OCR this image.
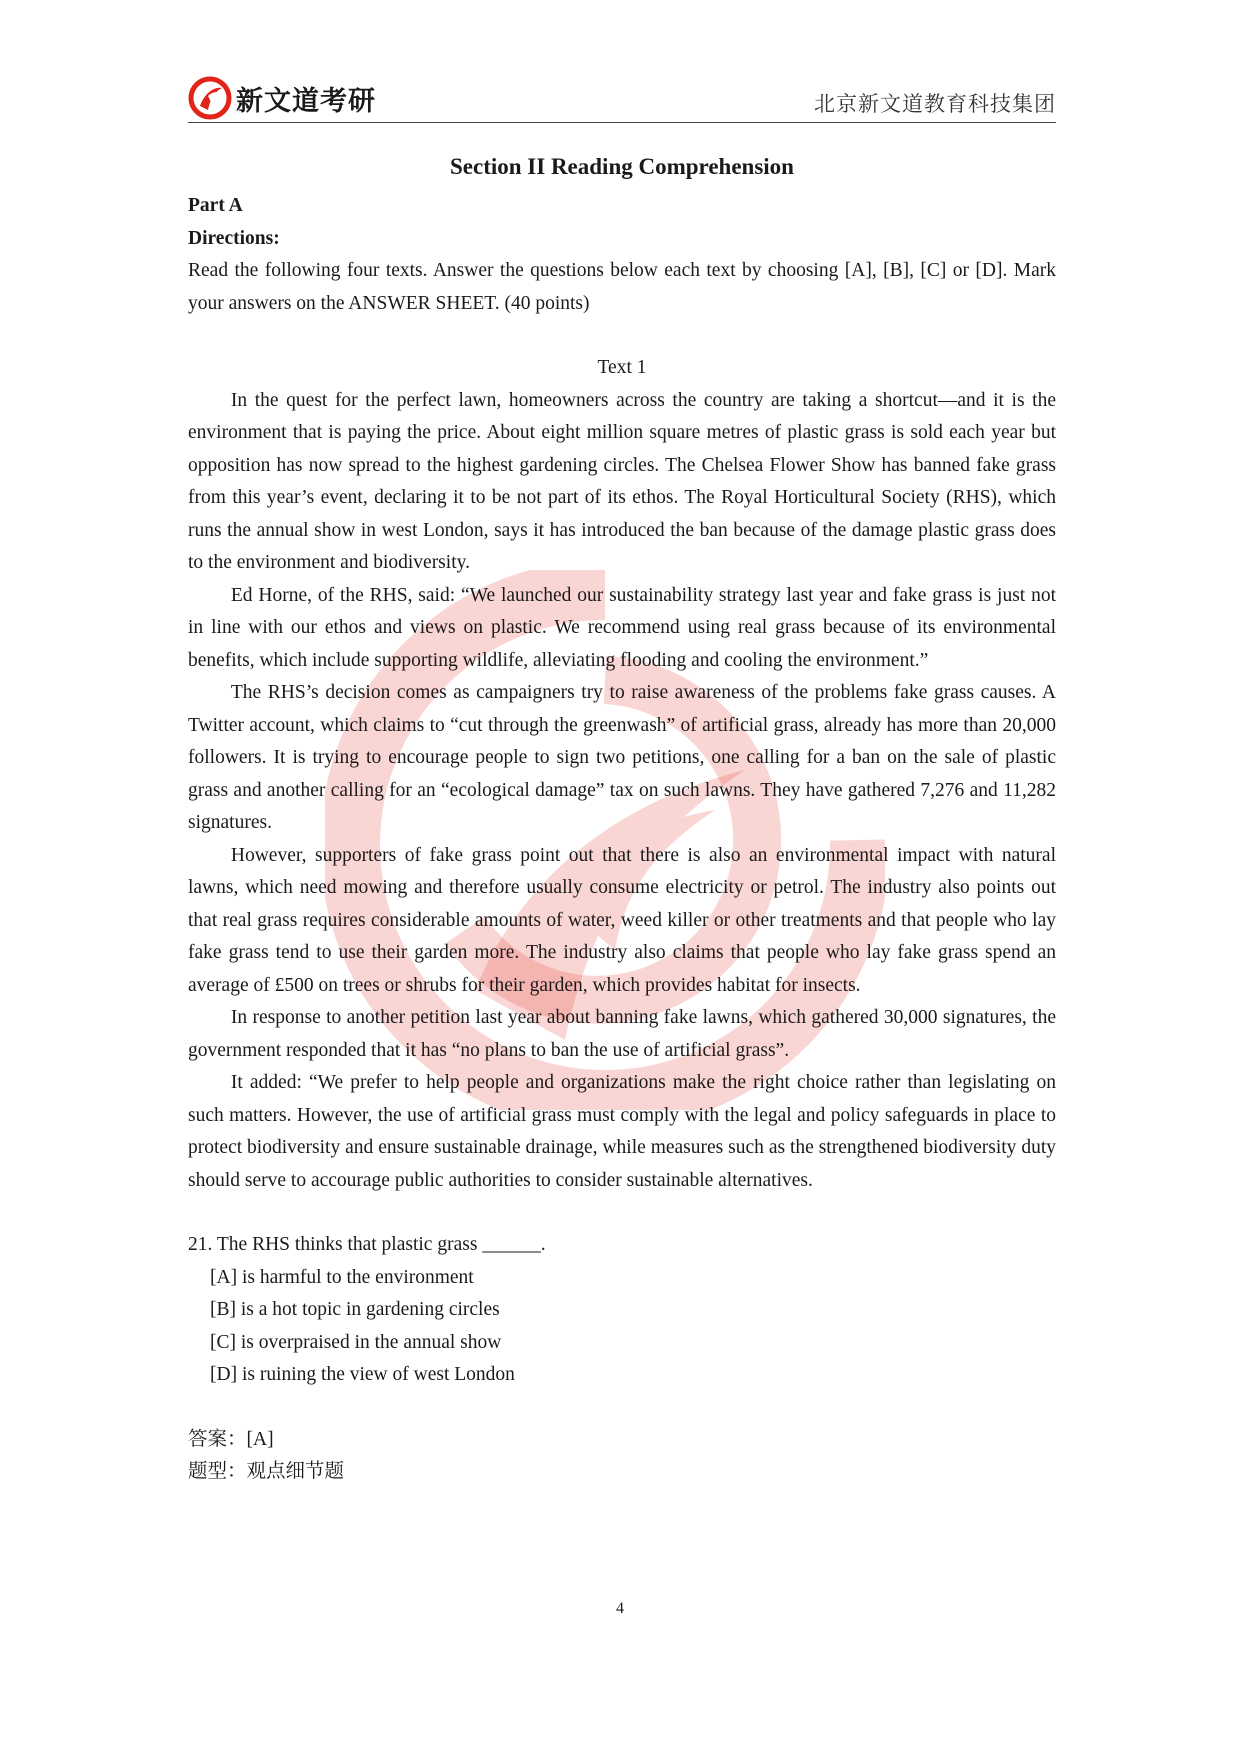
新文道考研	北京新文道教育科技集团

Section II Reading Comprehension

Part A

Directions:

Read the following four texts. Answer the questions below each text by choosing [A], [B], [C] or [D]. Mark your answers on the ANSWER SHEET. (40 points)

Text 1

In the quest for the perfect lawn, homeowners across the country are taking a shortcut—and it is the environment that is paying the price. About eight million square metres of plastic grass is sold each year but opposition has now spread to the highest gardening circles. The Chelsea Flower Show has banned fake grass from this year’s event, declaring it to be not part of its ethos. The Royal Horticultural Society (RHS), which runs the annual show in west London, says it has introduced the ban because of the damage plastic grass does to the environment and biodiversity.

Ed Horne, of the RHS, said: “We launched our sustainability strategy last year and fake grass is just not in line with our ethos and views on plastic. We recommend using real grass because of its environmental benefits, which include supporting wildlife, alleviating flooding and cooling the environment.”

The RHS’s decision comes as campaigners try to raise awareness of the problems fake grass causes. A Twitter account, which claims to “cut through the greenwash” of artificial grass, already has more than 20,000 followers. It is trying to encourage people to sign two petitions, one calling for a ban on the sale of plastic grass and another calling for an “ecological damage” tax on such lawns. They have gathered 7,276 and 11,282 signatures.

However, supporters of fake grass point out that there is also an environmental impact with natural lawns, which need mowing and therefore usually consume electricity or petrol. The industry also points out that real grass requires considerable amounts of water, weed killer or other treatments and that people who lay fake grass tend to use their garden more. The industry also claims that people who lay fake grass spend an average of £500 on trees or shrubs for their garden, which provides habitat for insects.

In response to another petition last year about banning fake lawns, which gathered 30,000 signatures, the government responded that it has “no plans to ban the use of artificial grass”.

It added: “We prefer to help people and organizations make the right choice rather than legislating on such matters. However, the use of artificial grass must comply with the legal and policy safeguards in place to protect biodiversity and ensure sustainable drainage, while measures such as the strengthened biodiversity duty should serve to accourage public authorities to consider sustainable alternatives.

21. The RHS thinks that plastic grass ______.

[A] is harmful to the environment

[B] is a hot topic in gardening circles

[C] is overpraised in the annual show

[D] is ruining the view of west London

答案：[A]

题型：观点细节题

4
